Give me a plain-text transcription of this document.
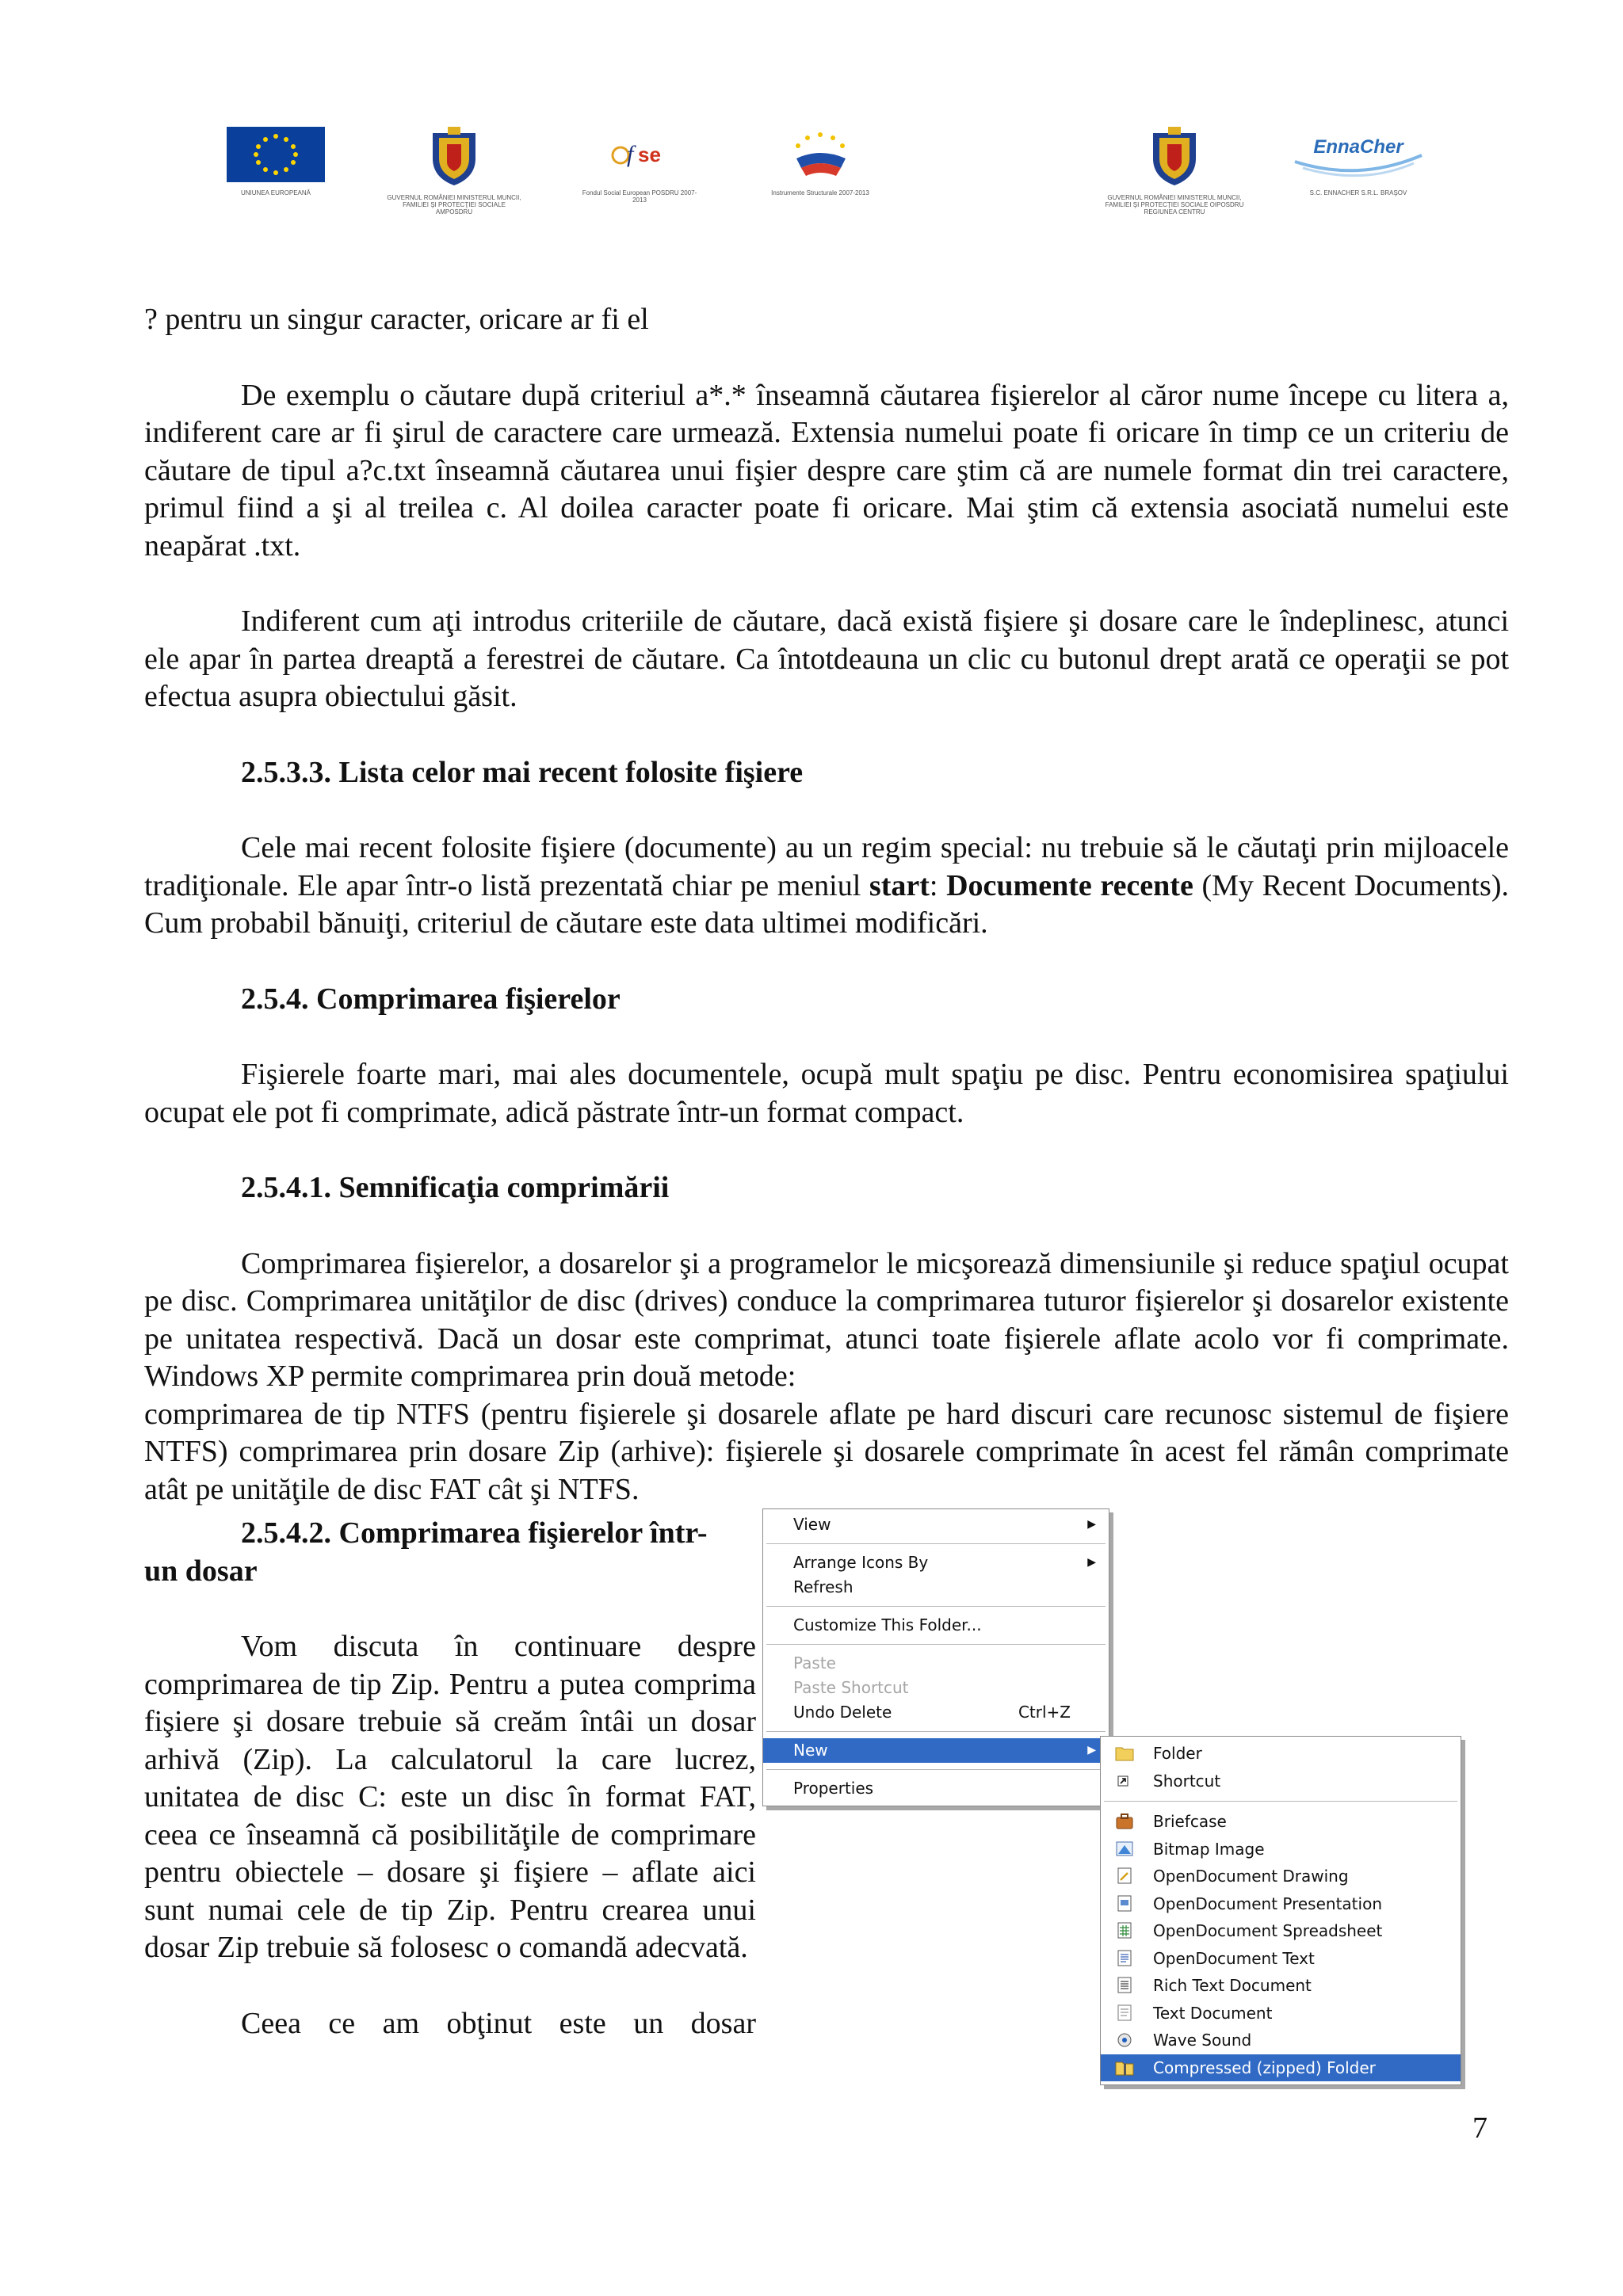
UNIUNEA EUROPEANĂ
GUVERNUL ROMÂNIEI MINISTERUL MUNCII, FAMILIEI ŞI PROTECŢIEI SOCIALE AMPOSDRU
f se
Fondul Social European POSDRU 2007-2013
Instrumente Structurale 2007-2013
GUVERNUL ROMÂNIEI MINISTERUL MUNCII, FAMILIEI ŞI PROTECŢIEI SOCIALE OIPOSDRU REGIUNEA CENTRU
EnnaCher
S.C. ENNACHER S.R.L. BRAŞOV

? pentru un singur caracter, oricare ar fi el

De exemplu o căutare după criteriul a*.* înseamnă căutarea fişierelor al căror nume începe cu litera a, indiferent care ar fi şirul de caractere care urmează. Extensia numelui poate fi oricare în timp ce un criteriu de căutare de tipul a?c.txt înseamnă căutarea unui fişier despre care ştim că are numele format din trei caractere, primul fiind a şi al treilea c. Al doilea caracter poate fi oricare. Mai ştim că extensia asociată numelui este neapărat .txt.

Indiferent cum aţi introdus criteriile de căutare, dacă există fişiere şi dosare care le îndeplinesc, atunci ele apar în partea dreaptă a ferestrei de căutare. Ca întotdeauna un clic cu butonul drept arată ce operaţii se pot efectua asupra obiectului găsit.

2.5.3.3. Lista celor mai recent folosite fişiere

Cele mai recent folosite fişiere (documente) au un regim special: nu trebuie să le căutaţi prin mijloacele tradiţionale. Ele apar într-o listă prezentată chiar pe meniul start: Documente recente (My Recent Documents). Cum probabil bănuiţi, criteriul de căutare este data ultimei modificări.

2.5.4. Comprimarea fişierelor

Fişierele foarte mari, mai ales documentele, ocupă mult spaţiu pe disc. Pentru economisirea spaţiului ocupat ele pot fi comprimate, adică păstrate într-un format compact.

2.5.4.1. Semnificaţia comprimării

Comprimarea fişierelor, a dosarelor şi a programelor le micşorează dimensiunile şi reduce spaţiul ocupat pe disc. Comprimarea unităţilor de disc (drives) conduce la comprimarea tuturor fişierelor şi dosarelor existente pe unitatea respectivă. Dacă un dosar este comprimat, atunci toate fişierele aflate acolo vor fi comprimate. Windows XP permite comprimarea prin două metode:

comprimarea de tip NTFS (pentru fişierele şi dosarele aflate pe hard discuri care recunosc sistemul de fişiere NTFS) comprimarea prin dosare Zip (arhive): fişierele şi dosarele comprimate în acest fel rămân comprimate atât pe unităţile de disc FAT cât şi NTFS.

2.5.4.2. Comprimarea fişierelor într-

un dosar

Vom discuta în continuare despre comprimarea de tip Zip. Pentru a putea comprima fişiere şi dosare trebuie să creăm întâi un dosar arhivă (Zip). La calculatorul la care lucrez, unitatea de disc C: este un disc în format FAT, ceea ce înseamnă că posibilităţile de comprimare pentru obiectele – dosare şi fişiere – aflate aici sunt numai cele de tip Zip. Pentru crearea unui dosar Zip trebuie să folosesc o comandă adecvată.

Ceea ce am obţinut este un dosar

View	▶
Arrange Icons By	▶
Refresh
Customize This Folder...
Paste
Paste Shortcut
Undo Delete	Ctrl+Z
New	▶
Properties
Folder
Shortcut
Briefcase
Bitmap Image
OpenDocument Drawing
OpenDocument Presentation
OpenDocument Spreadsheet
OpenDocument Text
Rich Text Document
Text Document
Wave Sound
Compressed (zipped) Folder
7
